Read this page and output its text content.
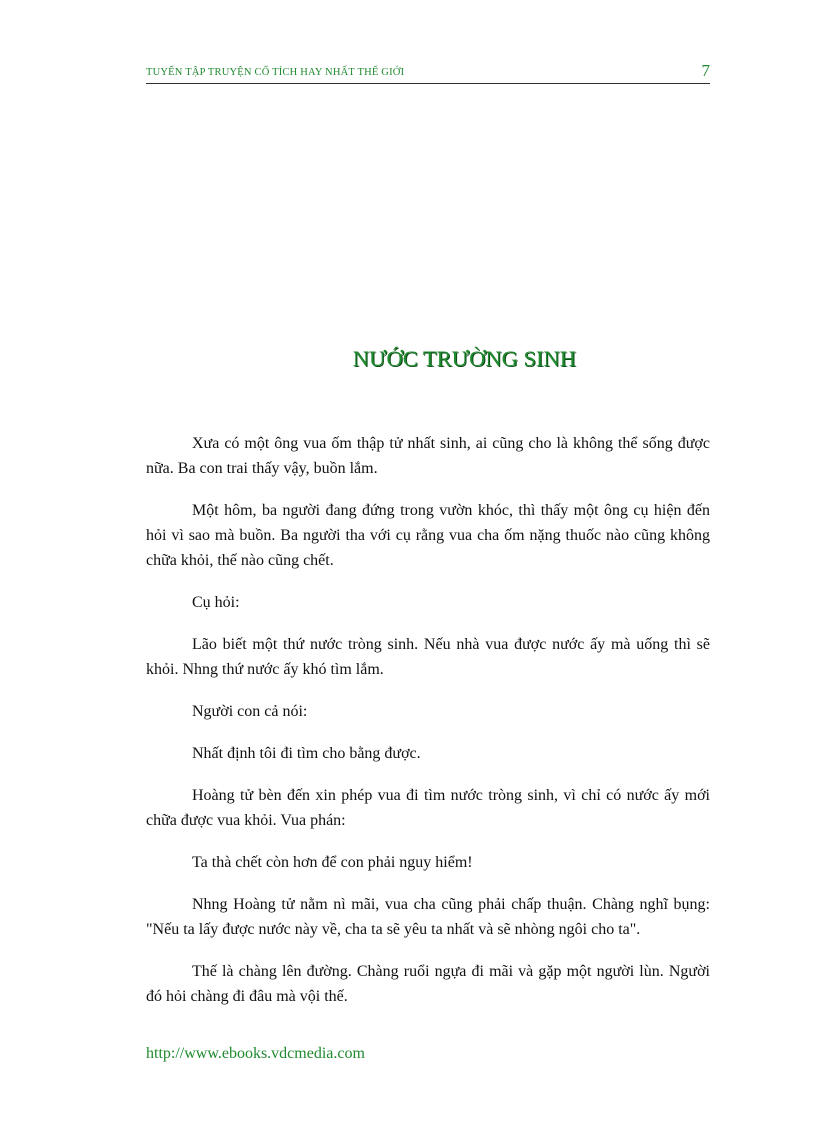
TUYỂN TẬP TRUYỆN CỔ TÍCH HAY NHẤT THẾ GIỚI	7
NƯỚC TRƯỜNG SINH

Xưa có một ông vua ốm thập tử nhất sinh, ai cũng cho là không thể sống được nữa. Ba con trai thấy vậy, buồn lắm.

Một hôm, ba người đang đứng trong vườn khóc, thì thấy một ông cụ hiện đến hỏi vì sao mà buồn. Ba người tha với cụ rằng vua cha ốm nặng thuốc nào cũng không chữa khỏi, thế nào cũng chết.

Cụ hỏi:

Lão biết một thứ nước tròng sinh. Nếu nhà vua được nước ấy mà uống thì sẽ khỏi. Nhng thứ nước ấy khó tìm lắm.

Người con cả nói:

Nhất định tôi đi tìm cho bằng được.

Hoàng tử bèn đến xin phép vua đi tìm nước tròng sinh, vì chỉ có nước ấy mới chữa được vua khỏi. Vua phán:

Ta thà chết còn hơn để con phải nguy hiểm!

Nhng Hoàng tử nằm nì mãi, vua cha cũng phải chấp thuận. Chàng nghĩ bụng: "Nếu ta lấy được nước này về, cha ta sẽ yêu ta nhất và sẽ nhòng ngôi cho ta".

Thế là chàng lên đường. Chàng ruổi ngựa đi mãi và gặp một người lùn. Người đó hỏi chàng đi đâu mà vội thế.

http://www.ebooks.vdcmedia.com
